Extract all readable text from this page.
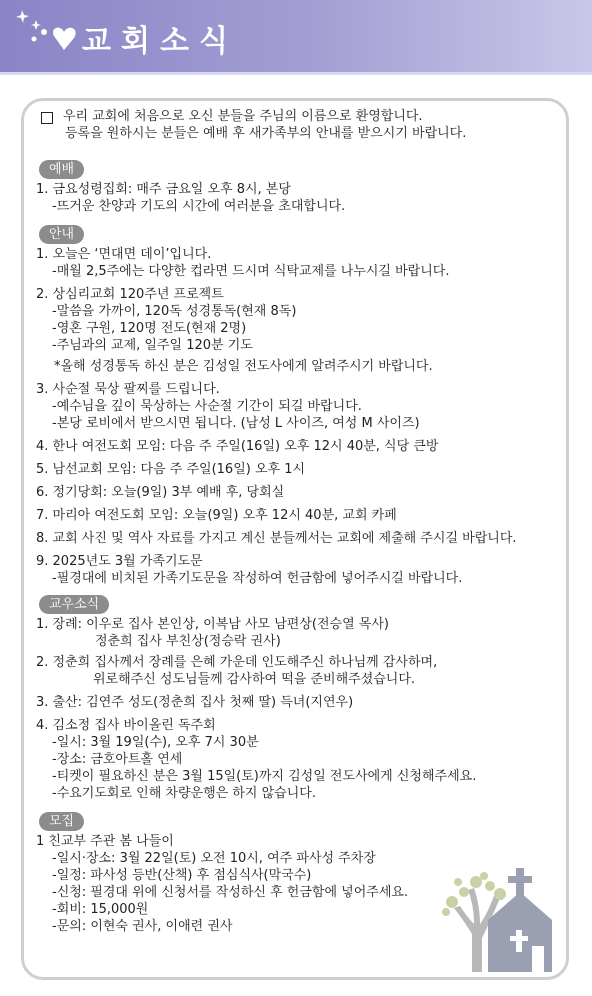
교회소식
우리 교회에 처음으로 오신 분들을 주님의 이름으로 환영합니다.
등록을 원하시는 분들은 예배 후 새가족부의 안내를 받으시기 바랍니다.
예배
1. 금요성령집회: 매주 금요일 오후 8시, 본당
-뜨거운 찬양과 기도의 시간에 여러분을 초대합니다.
안내
1. 오늘은 ‘면대면 데이’입니다.
-매월 2,5주에는 다양한 컵라면 드시며 식탁교제를 나누시길 바랍니다.
2. 상심리교회 120주년 프로젝트
-말씀을 가까이, 120독 성경통독(현재 8독)
-영혼 구원, 120명 전도(현재 2명)
-주님과의 교제, 일주일 120분 기도
*올해 성경통독 하신 분은 김성일 전도사에게 알려주시기 바랍니다.
3. 사순절 묵상 팔찌를 드립니다.
-예수님을 깊이 묵상하는 사순절 기간이 되길 바랍니다.
-본당 로비에서 받으시면 됩니다. (남성 L 사이즈, 여성 M 사이즈)
4. 한나 여전도회 모임: 다음 주 주일(16일) 오후 12시 40분, 식당 큰방
5. 남선교회 모임: 다음 주 주일(16일) 오후 1시
6. 정기당회: 오늘(9일) 3부 예배 후, 당회실
7. 마리아 여전도회 모임: 오늘(9일) 오후 12시 40분, 교회 카페
8. 교회 사진 및 역사 자료를 가지고 계신 분들께서는 교회에 제출해 주시길 바랍니다.
9. 2025년도 3월 가족기도문
-필경대에 비치된 가족기도문을 작성하여 헌금함에 넣어주시길 바랍니다.
교우소식
1. 장례: 이우로 집사 본인상, 이복남 사모 남편상(전승열 목사)
정춘희 집사 부친상(정승락 권사)
2. 정춘희 집사께서 장례를 은혜 가운데 인도해주신 하나님께 감사하며,
위로해주신 성도님들께 감사하여 떡을 준비해주셨습니다.
3. 출산: 김연주 성도(정춘희 집사 첫째 딸) 득녀(지연우)
4. 김소정 집사 바이올린 독주회
-일시: 3월 19일(수), 오후 7시 30분
-장소: 금호아트홀 연세
-티켓이 필요하신 분은 3월 15일(토)까지 김성일 전도사에게 신청해주세요.
-수요기도회로 인해 차량운행은 하지 않습니다.
모집
1 친교부 주관 봄 나들이
-일시·장소: 3월 22일(토) 오전 10시, 여주 파사성 주차장
-일정: 파사성 등반(산책) 후 점심식사(막국수)
-신청: 필경대 위에 신청서를 작성하신 후 헌금함에 넣어주세요.
-회비: 15,000원
-문의: 이현숙 권사, 이애련 권사
